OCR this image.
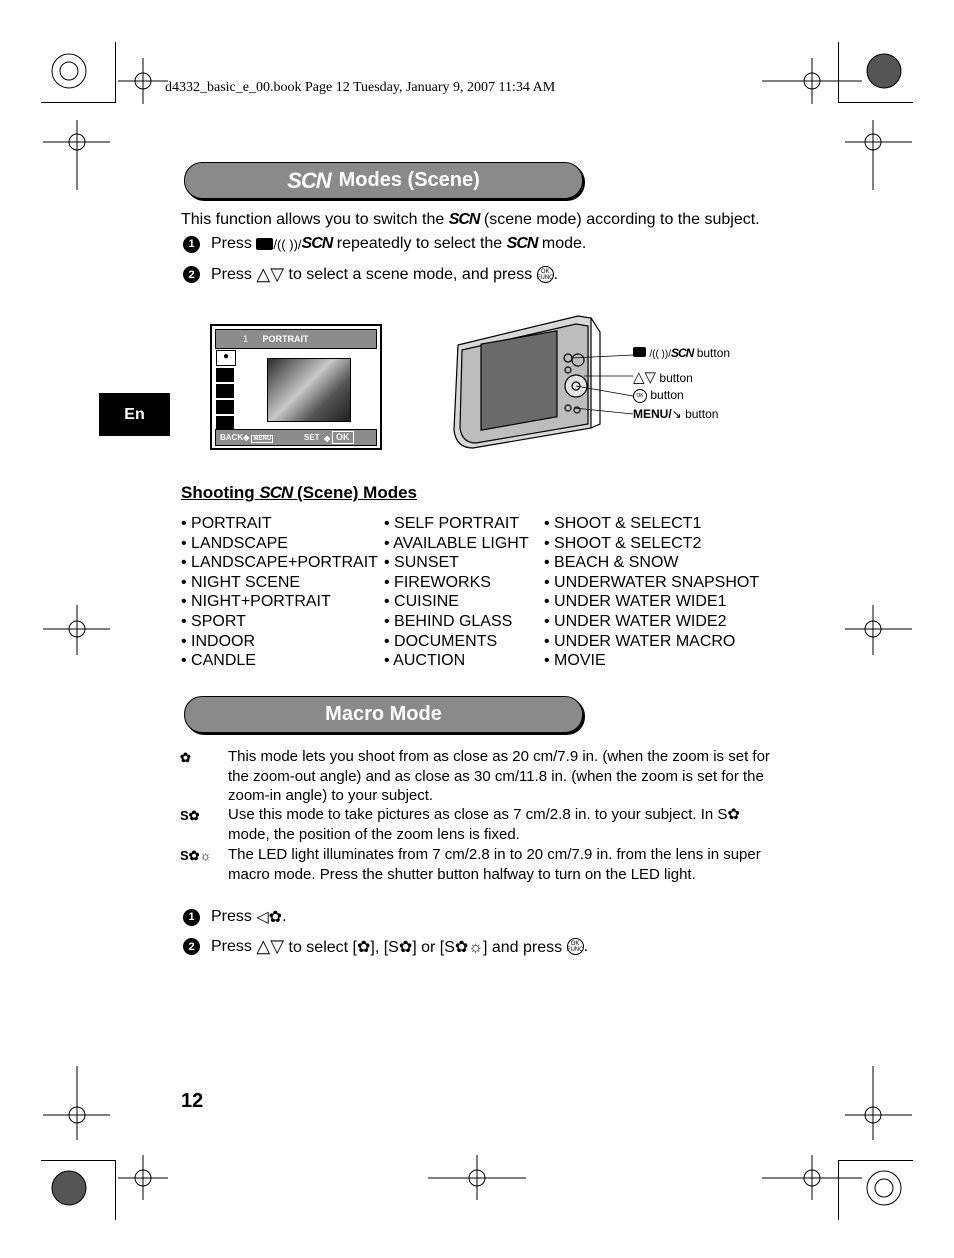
d4332_basic_e_00.book Page 12 Tuesday, January 9, 2007 11:34 AM
En
SCN Modes (Scene)
This function allows you to switch the SCN (scene mode) according to the subject.
1	Press
/(( ))/ SCN
repeatedly to select the
SCN
mode.
2	Press
△▽
to select a scene mode, and press
	OK FUNC .
1 PORTRAIT
●
BACK◆ MENU	SET ◆ OK
/(( ))/SCN button
△▽ button
OK button
MENU/↘ button
Shooting SCN (Scene) Modes
• PORTRAIT
• LANDSCAPE
• LANDSCAPE+PORTRAIT
• NIGHT SCENE
• NIGHT+PORTRAIT
• SPORT
• INDOOR
• CANDLE
• SELF PORTRAIT
• AVAILABLE LIGHT
• SUNSET
• FIREWORKS
• CUISINE
• BEHIND GLASS
• DOCUMENTS
• AUCTION
• SHOOT & SELECT1
• SHOOT & SELECT2
• BEACH & SNOW
• UNDERWATER SNAPSHOT
• UNDER WATER WIDE1
• UNDER WATER WIDE2
• UNDER WATER MACRO
• MOVIE
Macro Mode
✿ This mode lets you shoot from as close as 20 cm/7.9 in. (when the zoom is set for the zoom-out angle) and as close as 30 cm/11.8 in. (when the zoom is set for the zoom-in angle) to your subject.
S✿ Use this mode to take pictures as close as 7 cm/2.8 in. to your subject. In S✿ mode, the position of the zoom lens is fixed.
S✿☼ The LED light illuminates from 7 cm/2.8 in to 20 cm/7.9 in. from the lens in super macro mode. Press the shutter button halfway to turn on the LED light.
1	Press
◁✿ .
2	Press
△▽
to select [✿], [S✿] or [S✿☼] and press
	OK FUNC .
12
